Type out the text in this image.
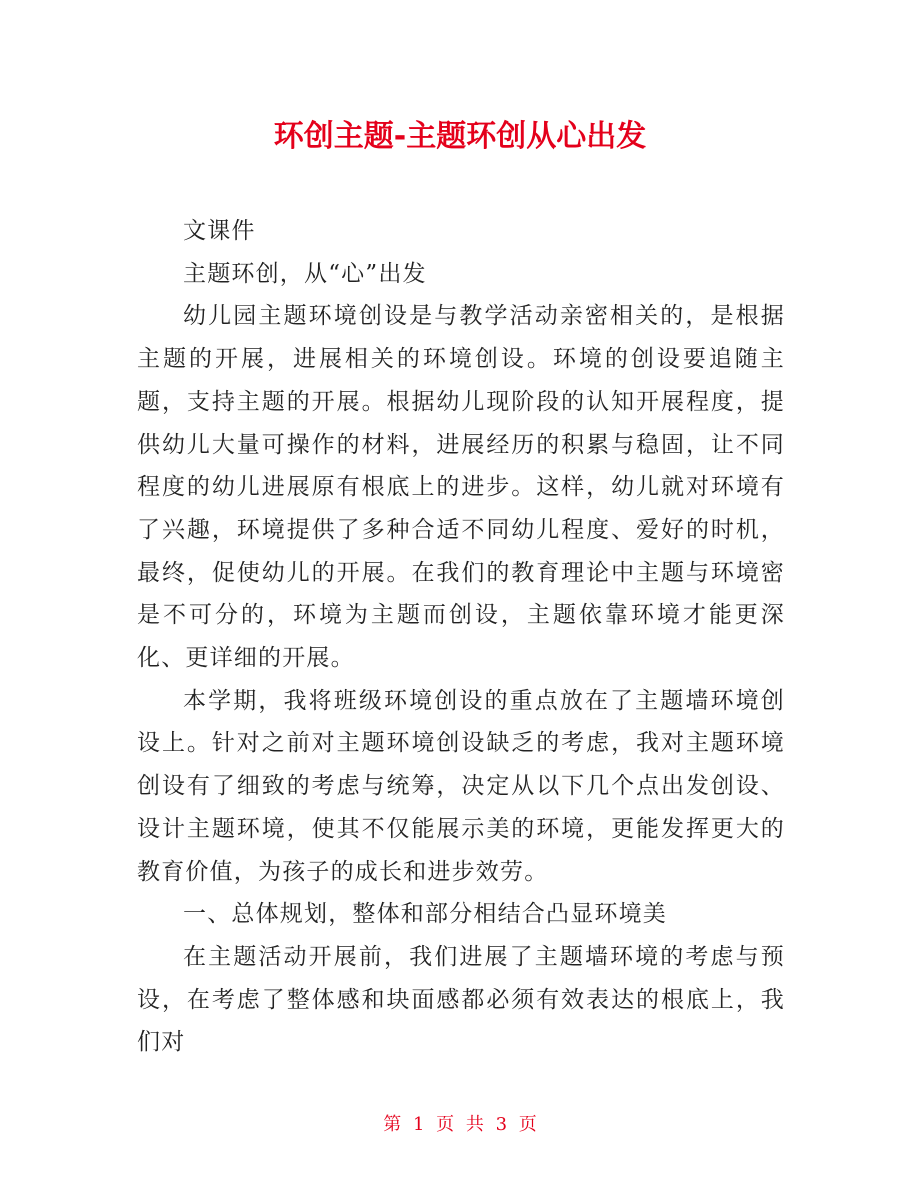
环创主题-主题环创从心出发

文课件

主题环创，从“心”出发

幼儿园主题环境创设是与教学活动亲密相关的，是根据主题的开展，进展相关的环境创设。环境的创设要追随主题，支持主题的开展。根据幼儿现阶段的认知开展程度，提供幼儿大量可操作的材料，进展经历的积累与稳固，让不同程度的幼儿进展原有根底上的进步。这样，幼儿就对环境有了兴趣，环境提供了多种合适不同幼儿程度、爱好的时机，最终，促使幼儿的开展。在我们的教育理论中主题与环境密是不可分的，环境为主题而创设，主题依靠环境才能更深化、更详细的开展。

本学期，我将班级环境创设的重点放在了主题墙环境创设上。针对之前对主题环境创设缺乏的考虑，我对主题环境创设有了细致的考虑与统筹，决定从以下几个点出发创设、设计主题环境，使其不仅能展示美的环境，更能发挥更大的教育价值，为孩子的成长和进步效劳。

一、总体规划，整体和部分相结合凸显环境美

在主题活动开展前，我们进展了主题墙环境的考虑与预设，在考虑了整体感和块面感都必须有效表达的根底上，我们对

第 1 页 共 3 页
